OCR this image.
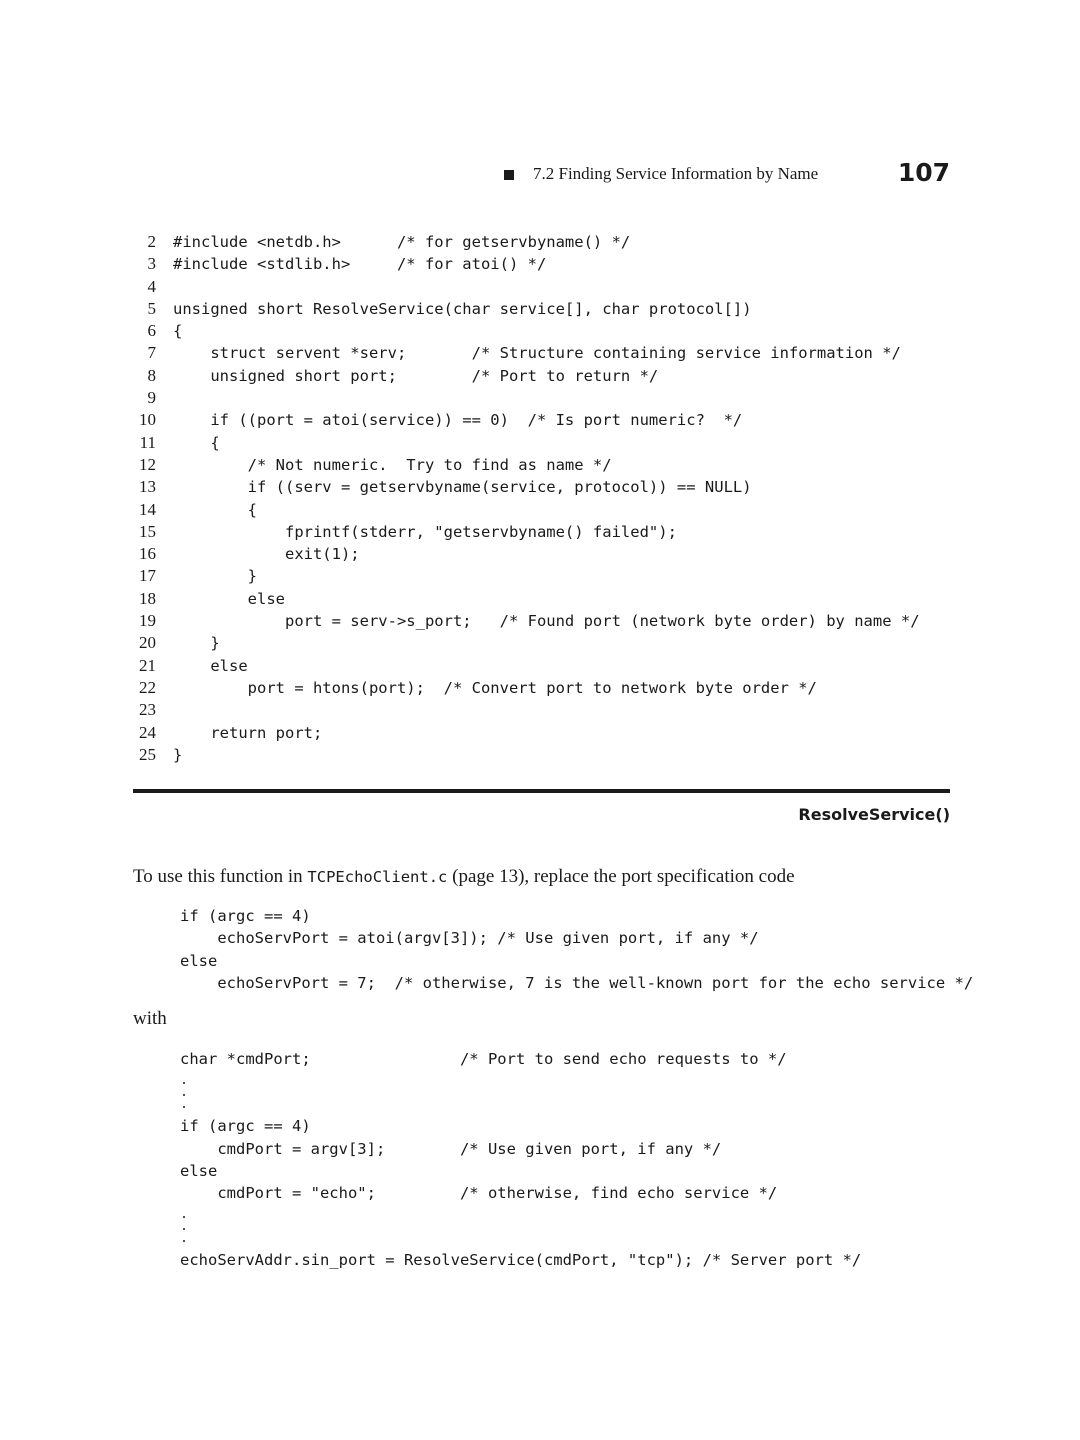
7.2 Finding Service Information by Name	107
2	#include <netdb.h>      /* for getservbyname() */
3	#include <stdlib.h>     /* for atoi() */
4
5	unsigned short ResolveService(char service[], char protocol[])
6	{
7	struct servent *serv;       /* Structure containing service information */
8	unsigned short port;        /* Port to return */
9
10	if ((port = atoi(service)) == 0)  /* Is port numeric?  */
11	{
12	/* Not numeric.  Try to find as name */
13	if ((serv = getservbyname(service, protocol)) == NULL)
14	{
15	fprintf(stderr, "getservbyname() failed");
16	exit(1);
17	}
18	else
19	port = serv->s_port;   /* Found port (network byte order) by name */
20	}
21	else
22	port = htons(port);  /* Convert port to network byte order */
23
24	return port;
25	}
ResolveService()
To use this function in TCPEchoClient.c (page 13), replace the port specification code
if (argc == 4)
echoServPort = atoi(argv[3]); /* Use given port, if any */
else
echoServPort = 7;  /* otherwise, 7 is the well-known port for the echo service */
with
char *cmdPort;                /* Port to send echo requests to */
if (argc == 4)
cmdPort = argv[3];        /* Use given port, if any */
else
cmdPort = "echo";         /* otherwise, find echo service */
echoServAddr.sin_port = ResolveService(cmdPort, "tcp"); /* Server port */
